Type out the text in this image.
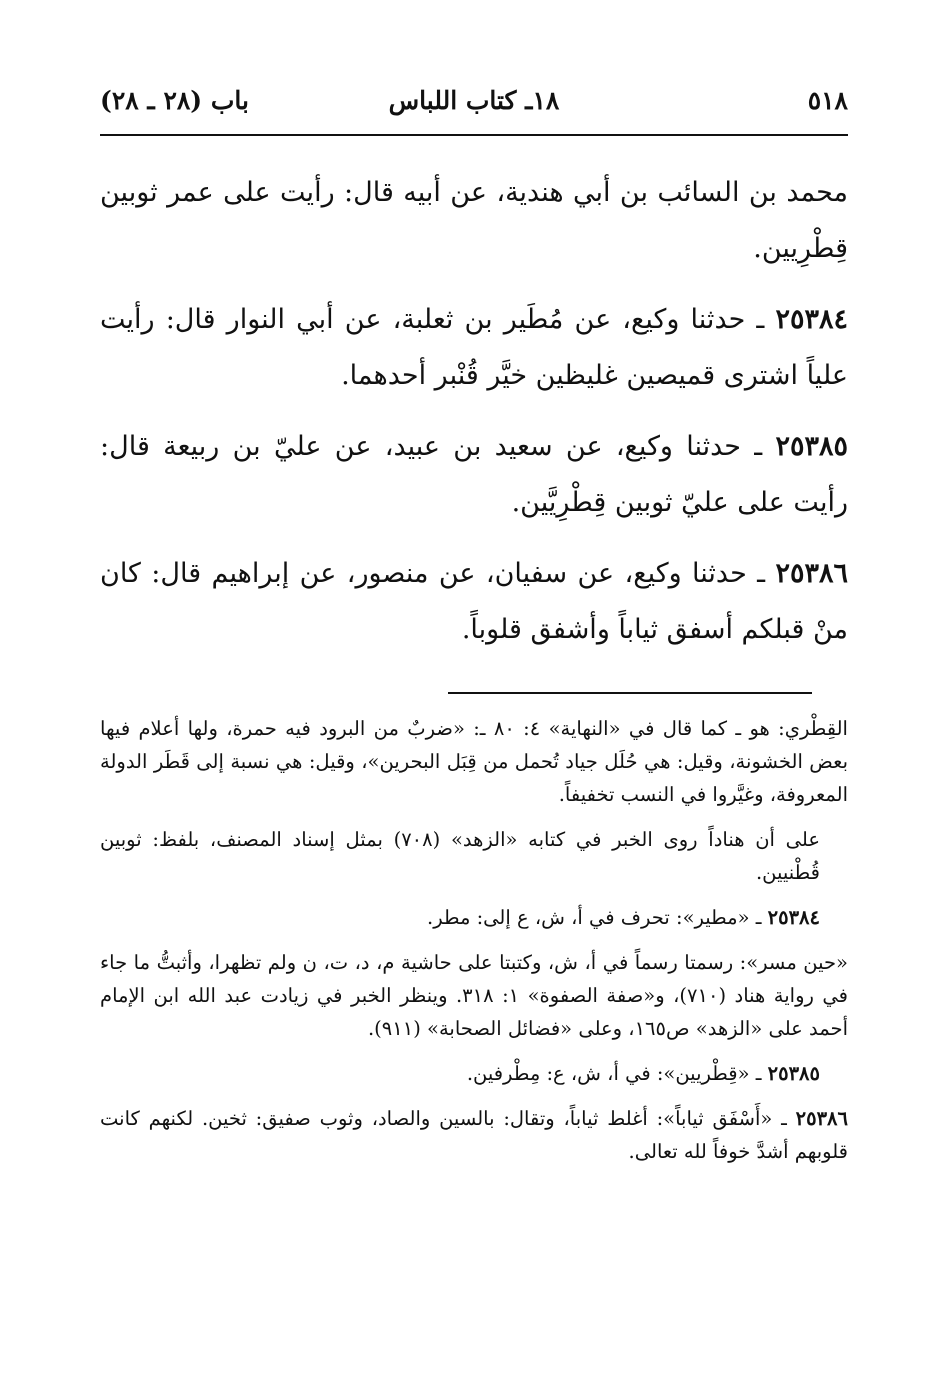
٥١٨
١٨ـ كتاب اللباس
باب (٢٨ ـ ٢٨)

محمد بن السائب بن أبي هندية، عن أبيه قال: رأيت على عمر ثوبين قِطْرِيين.

٢٥٣٨٤ ـ حدثنا وكيع، عن مُطَير بن ثعلبة، عن أبي النوار قال: رأيت علياً اشترى قميصين غليظين خيَّر قُنْبر أحدهما.

٢٥٣٨٥ ـ حدثنا وكيع، عن سعيد بن عبيد، عن عليّ بن ربيعة قال: رأيت على عليّ ثوبين قِطْرِيَّين.

٢٥٣٨٦ ـ حدثنا وكيع، عن سفيان، عن منصور، عن إبراهيم قال: كان منْ قبلكم أسفق ثياباً وأشفق قلوباً.

القِطْري: هو ـ كما قال في «النهاية» ٤: ٨٠ ـ: «ضربٌ من البرود فيه حمرة، ولها أعلام فيها بعض الخشونة، وقيل: هي حُلَل جياد تُحمل من قِبَل البحرين»، وقيل: هي نسبة إلى قَطَر الدولة المعروفة، وغيَّروا في النسب تخفيفاً.

على أن هناداً روى الخبر في كتابه «الزهد» (٧٠٨) بمثل إسناد المصنف، بلفظ: ثوبين قُطْنيين.

٢٥٣٨٤ ـ «مطير»: تحرف في أ، ش، ع إلى: مطر.

«حين مسر»: رسمتا رسماً في أ، ش، وكتبتا على حاشية م، د، ت، ن ولم تظهرا، وأثبتُّ ما جاء في رواية هناد (٧١٠)، و«صفة الصفوة» ١: ٣١٨. وينظر الخبر في زيادت عبد الله ابن الإمام أحمد على «الزهد» ص١٦٥، وعلى «فضائل الصحابة» (٩١١).

٢٥٣٨٥ ـ «قِطْريين»: في أ، ش، ع: مِطْرفين.

٢٥٣٨٦ ـ «أَسْفَق ثياباً»: أغلط ثياباً، وتقال: بالسين والصاد، وثوب صفيق: ثخين. لكنهم كانت قلوبهم أشدَّ خوفاً لله تعالى.
